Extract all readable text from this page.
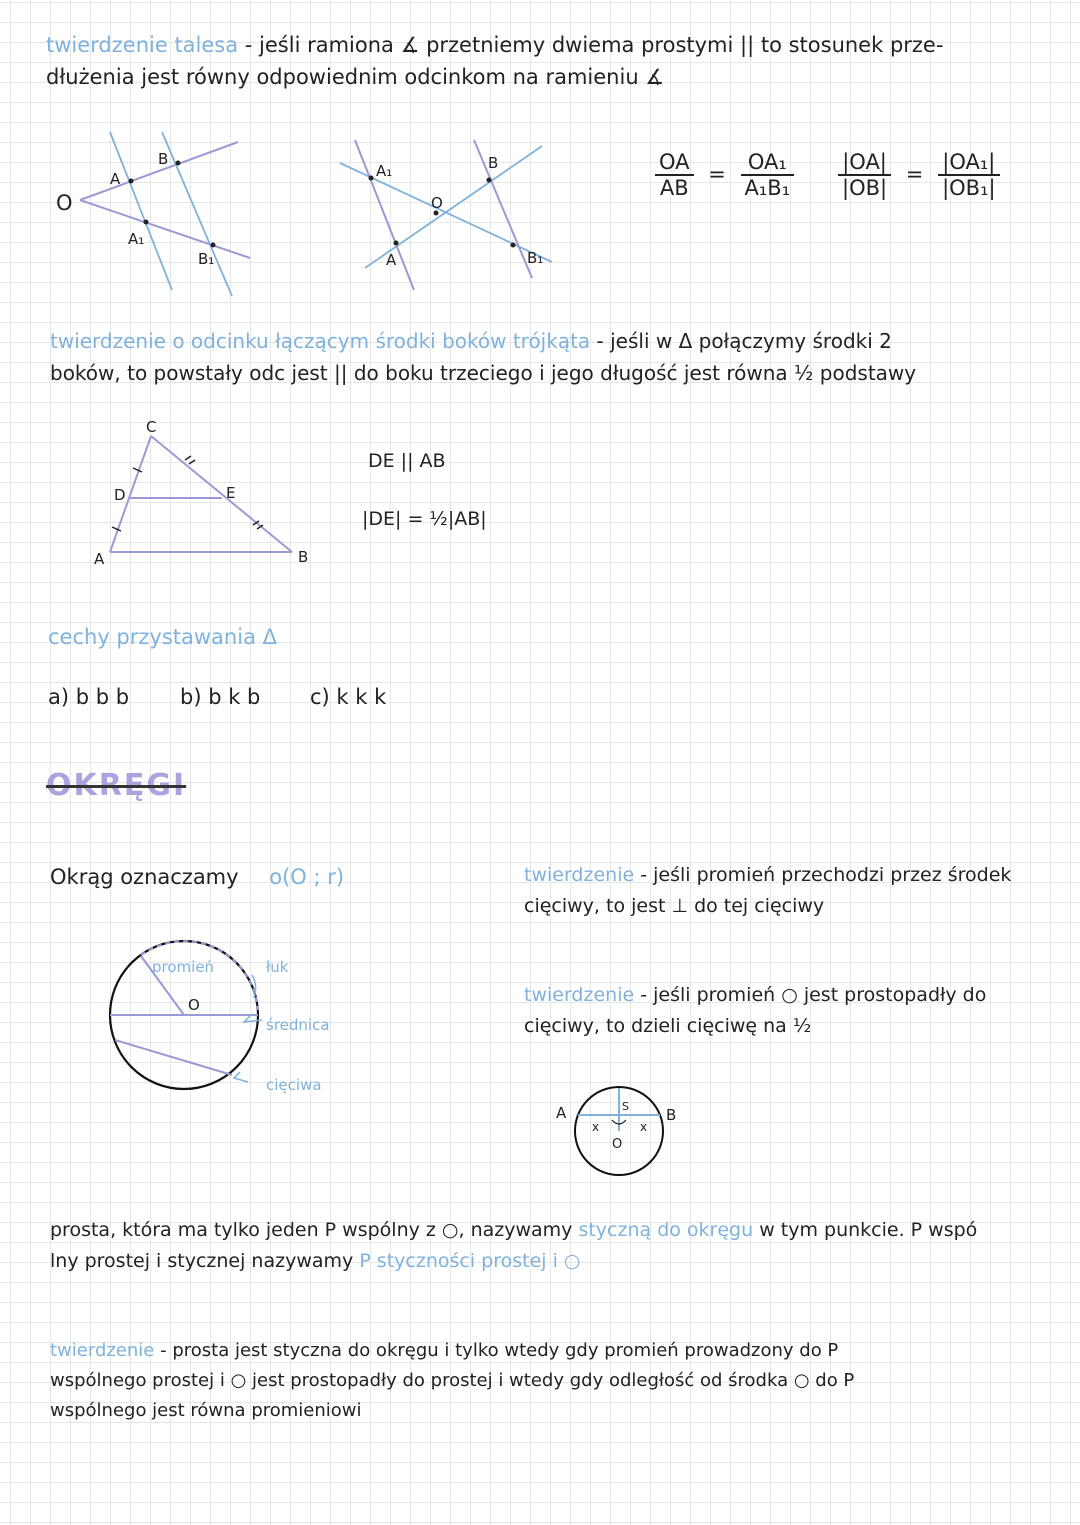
twierdzenie talesa - jeśli ramiona ∡ przetniemy dwiema prostymi || to stosunek prze-
dłużenia jest równy odpowiednim odcinkom na ramieniu ∡
O
A
B
A₁
B₁
A₁	B
O
A	B₁
$\frac{OA}{AB} = \frac{\text{OA₁}}{\text{A₁B₁}} \frac{|OA|}{|OB|} = \frac{\text{|OA₁|}}{\text{|OB₁|}}$
twierdzenie o odcinku łączącym środki boków trójkąta - jeśli w Δ połączymy środki 2
boków, to powstały odc jest || do boku trzeciego i jego długość jest równa ½ podstawy
C
D	E
A	B
DE || AB
|DE| = ½|AB|
cechy przystawania Δ
a) b b b b) b k b c) k k k
OKRĘGI
Okrąg oznaczamy o(O ; r)
promień	łuk
O
średnica
cięciwa
twierdzenie - jeśli promień przechodzi przez środek
cięciwy, to jest ⊥ do tej cięciwy
twierdzenie - jeśli promień ○ jest prostopadły do
cięciwy, to dzieli cięciwę na ½
A	B
S
O
x	x
prosta, która ma tylko jeden P wspólny z ○, nazywamy styczną do okręgu w tym punkcie. P wspó
lny prostej i stycznej nazywamy P styczności prostej i ○
twierdzenie - prosta jest styczna do okręgu i tylko wtedy gdy promień prowadzony do P
wspólnego prostej i ○ jest prostopadły do prostej i wtedy gdy odległość od środka ○ do P
wspólnego jest równa promieniowi
